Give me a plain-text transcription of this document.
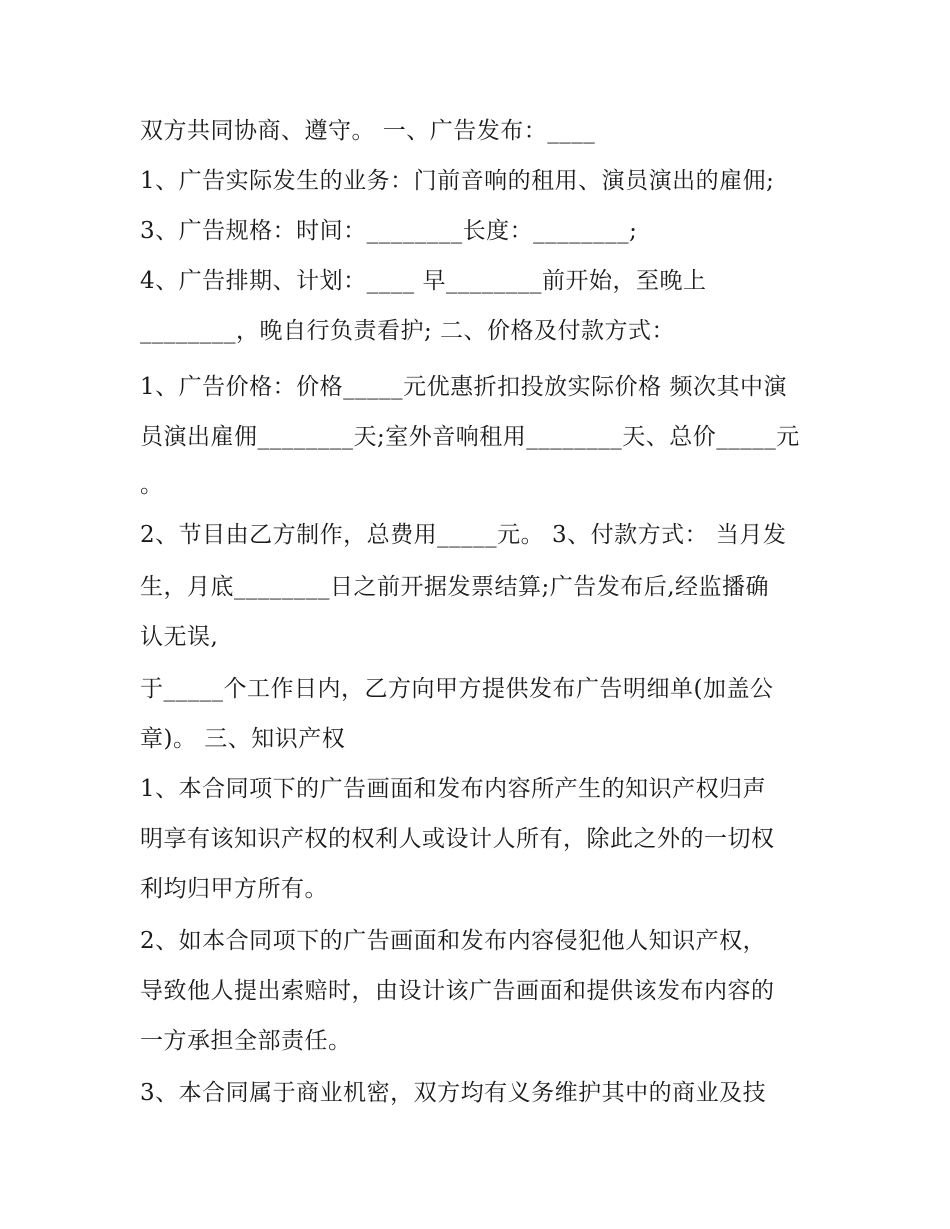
双方共同协商、遵守。 一、广告发布：____

1、广告实际发生的业务：门前音响的租用、演员演出的雇佣;

3、广告规格：时间：________长度：________;

4、广告排期、计划：____ 早________前开始，至晚上

________，晚自行负责看护; 二、价格及付款方式：

1、广告价格：价格_____元优惠折扣投放实际价格 频次其中演

员演出雇佣________天;室外音响租用________天、总价_____元

。

2、节目由乙方制作，总费用_____元。 3、付款方式： 当月发

生，月底________日之前开据发票结算;广告发布后,经监播确

认无误,

于_____个工作日内，乙方向甲方提供发布广告明细单(加盖公

章)。 三、知识产权

1、本合同项下的广告画面和发布内容所产生的知识产权归声

明享有该知识产权的权利人或设计人所有，除此之外的一切权

利均归甲方所有。

2、如本合同项下的广告画面和发布内容侵犯他人知识产权，

导致他人提出索赔时，由设计该广告画面和提供该发布内容的

一方承担全部责任。

3、本合同属于商业机密，双方均有义务维护其中的商业及技
